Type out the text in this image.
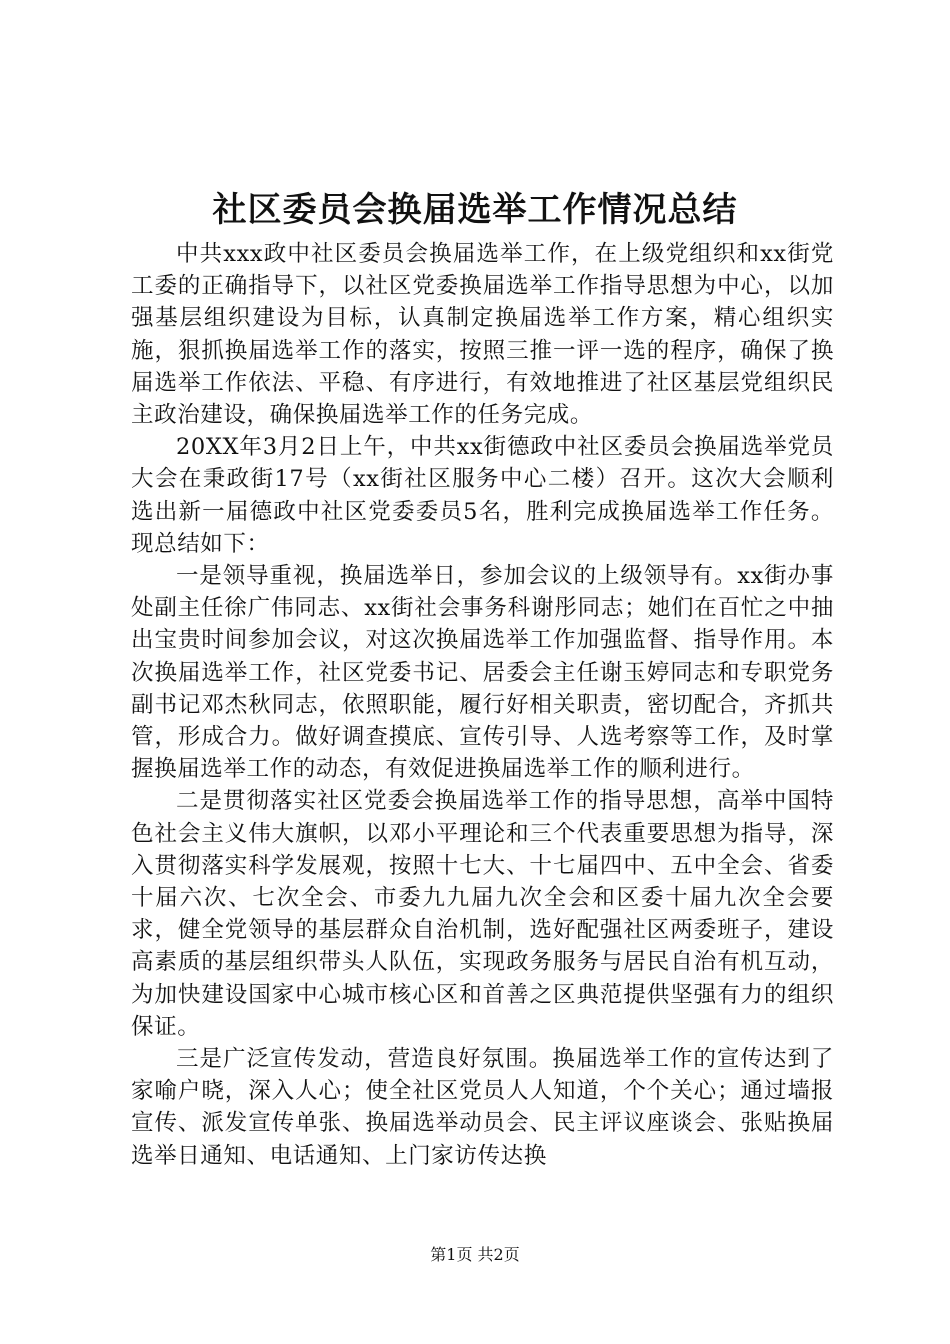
社区委员会换届选举工作情况总结

中共xxx政中社区委员会换届选举工作，在上级党组织和xx街党工委的正确指导下，以社区党委换届选举工作指导思想为中心，以加强基层组织建设为目标，认真制定换届选举工作方案，精心组织实施，狠抓换届选举工作的落实，按照三推一评一选的程序，确保了换届选举工作依法、平稳、有序进行，有效地推进了社区基层党组织民主政治建设，确保换届选举工作的任务完成。

20XX年3月2日上午，中共xx街德政中社区委员会换届选举党员大会在秉政街17号（xx街社区服务中心二楼）召开。这次大会顺利选出新一届德政中社区党委委员5名，胜利完成换届选举工作任务。现总结如下：

一是领导重视，换届选举日，参加会议的上级领导有。xx街办事处副主任徐广伟同志、xx街社会事务科谢彤同志；她们在百忙之中抽出宝贵时间参加会议，对这次换届选举工作加强监督、指导作用。本次换届选举工作，社区党委书记、居委会主任谢玉婷同志和专职党务副书记邓杰秋同志，依照职能，履行好相关职责，密切配合，齐抓共管，形成合力。做好调查摸底、宣传引导、人选考察等工作，及时掌握换届选举工作的动态，有效促进换届选举工作的顺利进行。

二是贯彻落实社区党委会换届选举工作的指导思想，高举中国特色社会主义伟大旗帜，以邓小平理论和三个代表重要思想为指导，深入贯彻落实科学发展观，按照十七大、十七届四中、五中全会、省委十届六次、七次全会、市委九九届九次全会和区委十届九次全会要求，健全党领导的基层群众自治机制，选好配强社区两委班子，建设高素质的基层组织带头人队伍，实现政务服务与居民自治有机互动，为加快建设国家中心城市核心区和首善之区典范提供坚强有力的组织保证。

三是广泛宣传发动，营造良好氛围。换届选举工作的宣传达到了家喻户晓，深入人心；使全社区党员人人知道，个个关心；通过墙报宣传、派发宣传单张、换届选举动员会、民主评议座谈会、张贴换届选举日通知、电话通知、上门家访传达换

第1页 共2页
